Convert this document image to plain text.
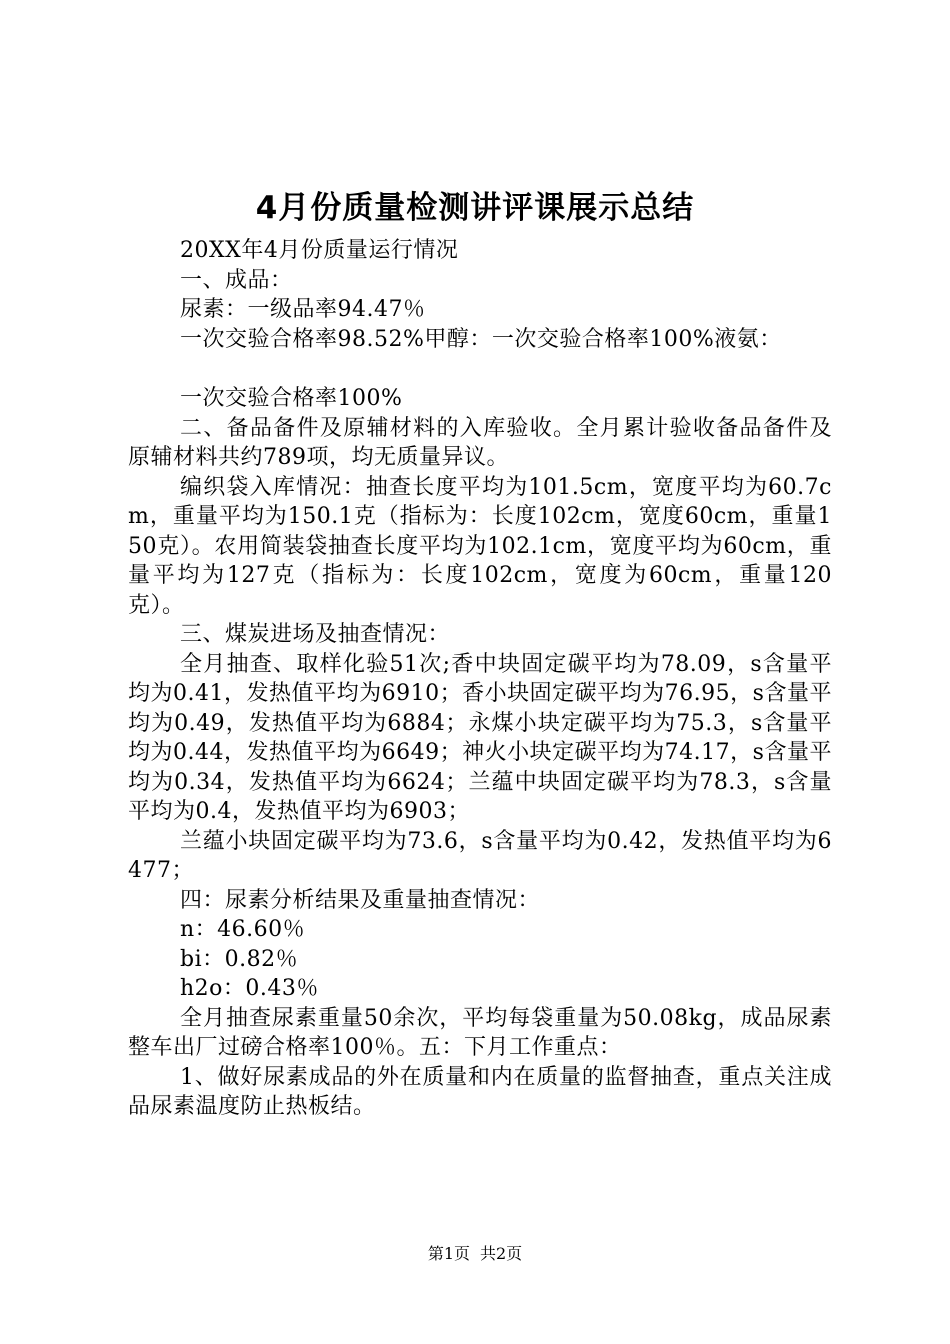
4月份质量检测讲评课展示总结

20XX年4月份质量运行情况

一、成品：

尿素：一级品率94.47％

一次交验合格率98.52%甲醇：一次交验合格率100%液氨：

一次交验合格率100%

二、备品备件及原辅材料的入库验收。全月累计验收备品备件及原辅材料共约789项，均无质量异议。

编织袋入库情况：抽查长度平均为101.5cm，宽度平均为60.7cm，重量平均为150.1克（指标为：长度102cm，宽度60cm，重量150克）。农用简装袋抽查长度平均为102.1cm，宽度平均为60cm，重量平均为127克（指标为：长度102cm，宽度为60cm，重量120克）。

三、煤炭进场及抽查情况：

全月抽查、取样化验51次;香中块固定碳平均为78.09，s含量平均为0.41，发热值平均为6910；香小块固定碳平均为76.95，s含量平均为0.49，发热值平均为6884；永煤小块定碳平均为75.3，s含量平均为0.44，发热值平均为6649；神火小块定碳平均为74.17，s含量平均为0.34，发热值平均为6624；兰蕴中块固定碳平均为78.3，s含量平均为0.4，发热值平均为6903；

兰蕴小块固定碳平均为73.6，s含量平均为0.42，发热值平均为6477；

四：尿素分析结果及重量抽查情况：

n：46.60％

bi：0.82％

h2o：0.43％

全月抽查尿素重量50余次，平均每袋重量为50.08kg，成品尿素整车出厂过磅合格率100％。五：下月工作重点：

1、做好尿素成品的外在质量和内在质量的监督抽查，重点关注成品尿素温度防止热板结。

第1页 共2页
